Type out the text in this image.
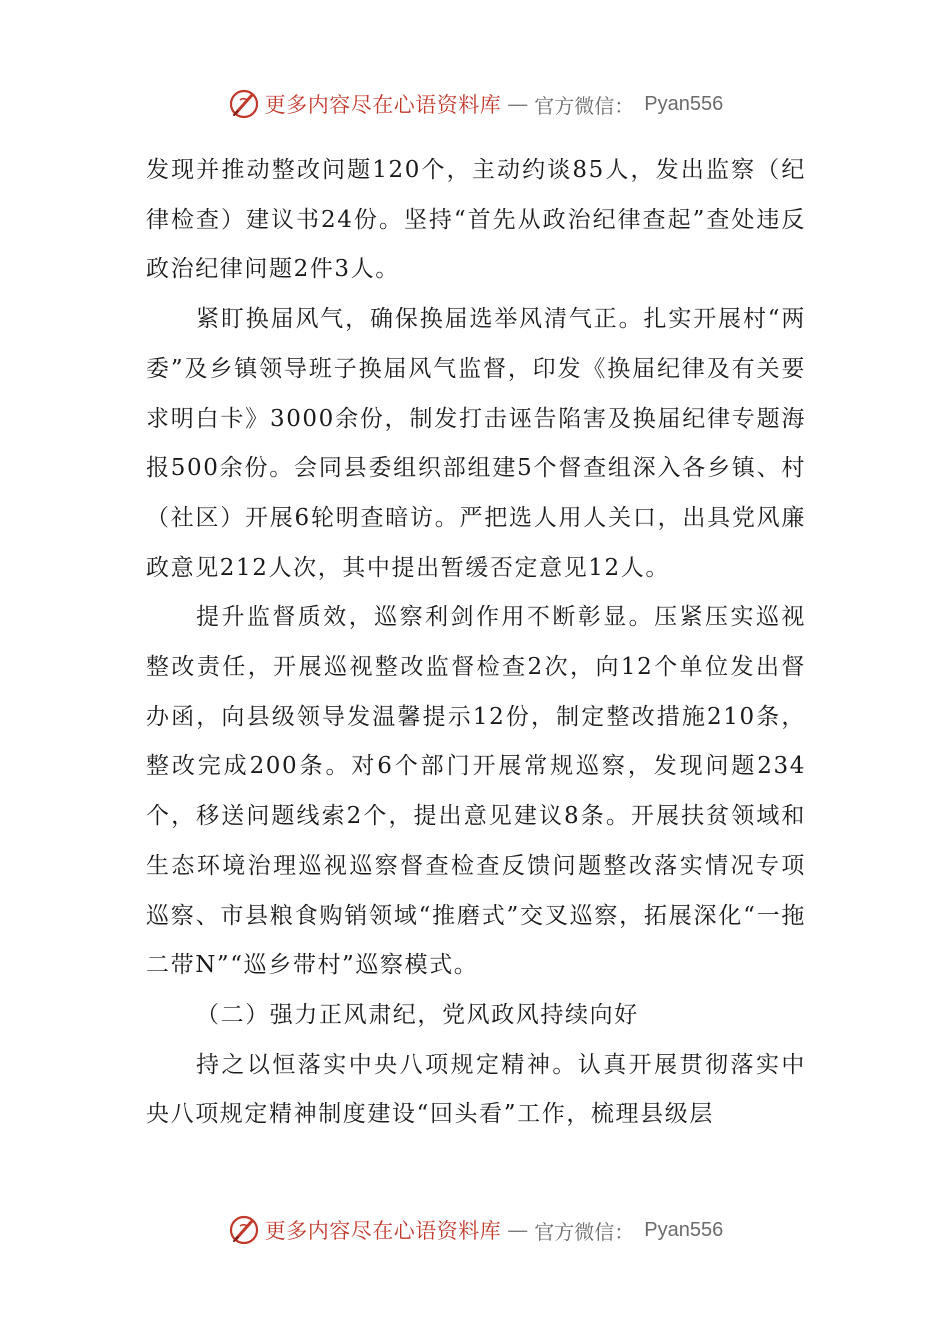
更多内容尽在心语资料库 — 官方微信： Pyan556

发现并推动整改问题120个，主动约谈85人，发出监察（纪律检查）建议书24份。坚持“首先从政治纪律查起”查处违反政治纪律问题2件3人。

紧盯换届风气，确保换届选举风清气正。扎实开展村“两委”及乡镇领导班子换届风气监督，印发《换届纪律及有关要求明白卡》3000余份，制发打击诬告陷害及换届纪律专题海报500余份。会同县委组织部组建5个督查组深入各乡镇、村（社区）开展6轮明查暗访。严把选人用人关口，出具党风廉政意见212人次，其中提出暂缓否定意见12人。

提升监督质效，巡察利剑作用不断彰显。压紧压实巡视整改责任，开展巡视整改监督检查2次，向12个单位发出督办函，向县级领导发温馨提示12份，制定整改措施210条，整改完成200条。对6个部门开展常规巡察，发现问题234个，移送问题线索2个，提出意见建议8条。开展扶贫领域和生态环境治理巡视巡察督查检查反馈问题整改落实情况专项巡察、市县粮食购销领域“推磨式”交叉巡察，拓展深化“一拖二带N”“巡乡带村”巡察模式。

（二）强力正风肃纪，党风政风持续向好

持之以恒落实中央八项规定精神。认真开展贯彻落实中央八项规定精神制度建设“回头看”工作，梳理县级层

更多内容尽在心语资料库 — 官方微信： Pyan556
